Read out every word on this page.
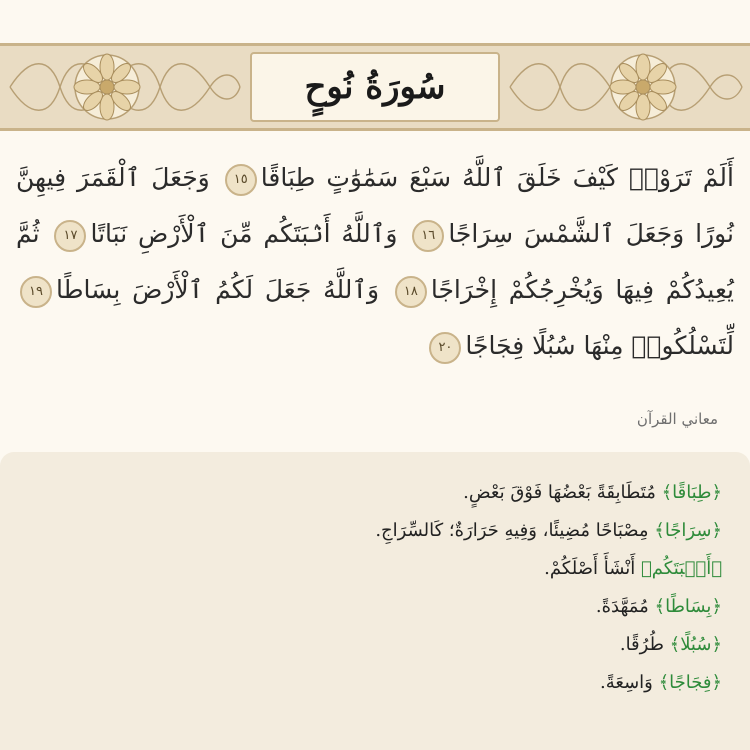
سُورَةُ نُوحٍ
أَلَمْ تَرَوْا۟ كَيْفَ خَلَقَ ٱللَّهُ سَبْعَ سَمَٰوَٰتٍ طِبَاقًا١٥ وَجَعَلَ ٱلْقَمَرَ فِيهِنَّ نُورًا وَجَعَلَ ٱلشَّمْسَ سِرَاجًا١٦ وَٱللَّهُ أَنۢبَتَكُم مِّنَ ٱلْأَرْضِ نَبَاتًا١٧ ثُمَّ يُعِيدُكُمْ فِيهَا وَيُخْرِجُكُمْ إِخْرَاجًا١٨ وَٱللَّهُ جَعَلَ لَكُمُ ٱلْأَرْضَ بِسَاطًا١٩ لِّتَسْلُكُوا۟ مِنْهَا سُبُلًا فِجَاجًا٢٠
معاني القرآن
﴿طِبَاقًا﴾ مُتَطَابِقَةً بَعْضُهَا فَوْقَ بَعْضٍ.
﴿سِرَاجًا﴾ مِصْبَاحًا مُضِيئًا، وَفِيهِ حَرَارَةٌ؛ كَالسِّرَاجِ.
﴿أَنۢبَتَكُم﴾ أَنْشَأَ أَصْلَكُمْ.
﴿بِسَاطًا﴾ مُمَهَّدَةً.
﴿سُبُلًا﴾ طُرُقًا.
﴿فِجَاجًا﴾ وَاسِعَةً.
